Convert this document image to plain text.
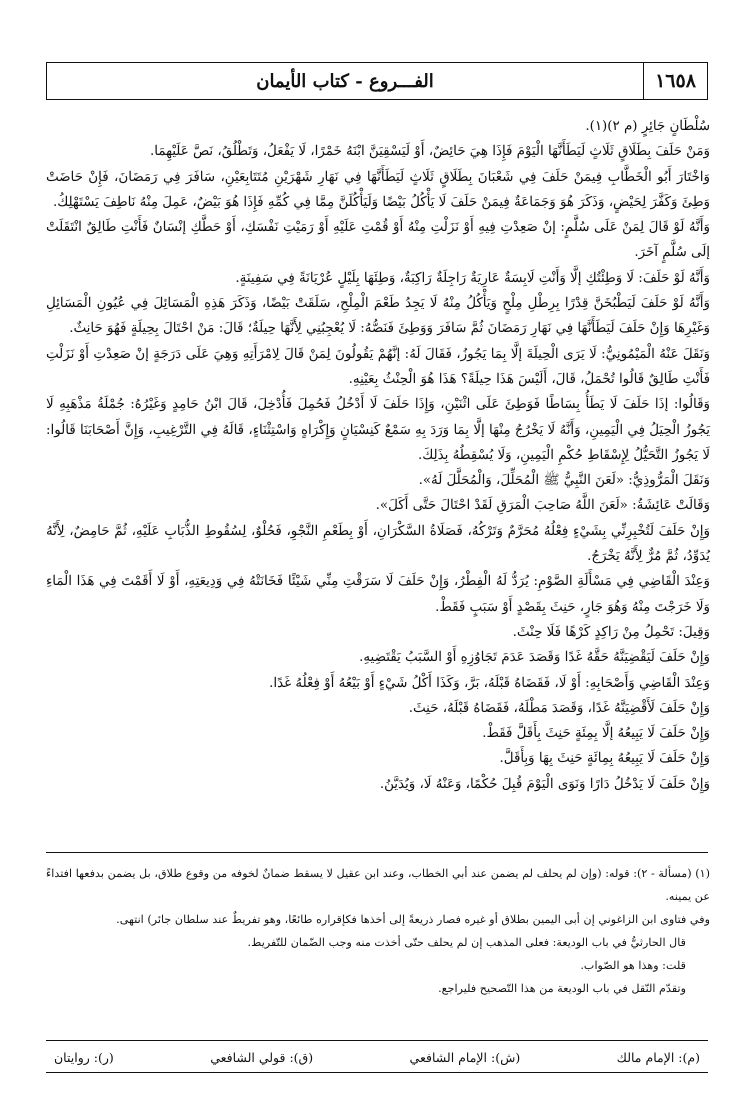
١٦٥٨
الفـــروع - كتاب الأيمان

سُلْطَانٍ جَائِرٍ (م ٢)(١).

وَمَنْ حَلَفَ بِطَلَاقٍ ثَلَاثٍ لَيَطَأَنَّهَا الْيَوْمَ فَإِذَا هِيَ حَائِضٌ، أَوْ لَيَسْقِيَنَّ ابْنَهُ خَمْرًا، لَا يَفْعَلُ، وَتَطْلُقُ، نَصَّ عَلَيْهِمَا.

وَاخْتَارَ أَبُو الْخَطَّابِ فِيمَنْ حَلَفَ فِي شَعْبَانَ بِطَلَاقٍ ثَلَاثٍ لَيَطَأَنَّهَا فِي نَهَارِ شَهْرَيْنِ مُتَتَابِعَيْنِ، سَافَرَ فِي رَمَضَانَ، فَإِنْ حَاضَتْ وَطِئَ وَكَفَّرَ لِحَيْضٍ، وَذَكَرَ هُوَ وَجَمَاعَةٌ فِيمَنْ حَلَفَ لَا يَأْكُلُ بَيْضًا وَلَيَأْكُلَنَّ مِمَّا فِي كُمِّهِ فَإِذَا هُوَ بَيْضٌ، عَمِلَ مِنْهُ نَاطِفَ يَسْتَهْلِكُ.

وَأَنَّهُ لَوْ قَالَ لِمَنْ عَلَى سُلَّمٍ: إنْ صَعِدْتِ فِيهِ أَوْ نَزَلْتِ مِنْهُ أَوْ قُمْتِ عَلَيْهِ أَوْ رَمَيْتِ نَفْسَكِ، أَوْ حَطَّكِ إنْسَانٌ فَأَنْتِ طَالِقٌ انْتَقَلَتْ إلَى سُلَّمٍ آخَرَ.

وَأَنَّهُ لَوْ حَلَفَ: لَا وَطِئْتُكِ إلَّا وَأَنْتِ لَابِسَةٌ عَارِيَةٌ رَاجِلَةٌ رَاكِبَةٌ، وَطِئَهَا بِلَيْلٍ عُرْيَانَةً فِي سَفِينَةٍ.

وَأَنَّهُ لَوْ حَلَفَ لَيَطْبُخَنَّ قِدْرًا بِرِطْلِ مِلْحٍ وَيَأْكُلُ مِنْهُ لَا يَجِدُ طَعْمَ الْمِلْحِ، سَلَقَتْ بَيْضًا، وَذَكَرَ هَذِهِ الْمَسَائِلَ فِي عُيُونِ الْمَسَائِلِ وَغَيْرِهَا وَإِنْ حَلَفَ لَيَطَأَنَّهَا فِي نَهَارِ رَمَضَانَ ثُمَّ سَافَرَ وَوَطِئَ فَنَصُّهُ: لَا يُعْجِبُنِي لِأَنَّهَا حِيلَةٌ؛ قَالَ: مَنْ احْتَالَ بِحِيلَةٍ فَهُوَ حَانِثٌ.

وَنَقَلَ عَنْهُ الْمَيْمُونِيُّ: لَا يَرَى الْحِيلَةَ إلَّا بِمَا يَجُوزُ، فَقَالَ لَهُ: إنَّهُمْ يَقُولُونَ لِمَنْ قَالَ لِامْرَأَتِهِ وَهِيَ عَلَى دَرَجَةٍ إنْ صَعِدْتِ أَوْ نَزَلْتِ فَأَنْتِ طَالِقٌ قَالُوا تُحْمَلُ، قَالَ، أَلَيْسَ هَذَا حِيلَةً؟ هَذَا هُوَ الْحِنْثُ بِعَيْنِهِ.

وَقَالُوا: إذَا حَلَفَ لَا يَطَأُ بِسَاطًا فَوَطِئَ عَلَى اثْنَيْنِ، وَإِذَا حَلَفَ لَا أَدْخُلُ فَحُمِلَ فَأُدْخِلَ، قَالَ ابْنُ حَامِدٍ وَغَيْرُهُ: جُمْلَةُ مَذْهَبِهِ لَا يَجُوزُ الْحِيَلُ فِي الْيَمِينِ، وَأَنَّهُ لَا يَخْرُجُ مِنْهَا إلَّا بِمَا وَرَدَ بِهِ سَمْعٌ كَنِسْيَانٍ وَإِكْرَاهٍ وَاسْتِثْنَاءٍ، قَالَهُ فِي التَّرْغِيبِ، وَإِنَّ أَصْحَابَنَا قَالُوا: لَا يَجُوزُ التَّحَيُّلُ لِإِسْقَاطِ حُكْمِ الْيَمِينِ، وَلَا يُسْقِطُهُ بِذَلِكَ.

وَنَقَلَ الْمَرُّوذِيُّ: «لَعَنَ النَّبِيُّ ﷺ الْمُحَلِّلَ، وَالْمُحَلَّلَ لَهُ».

وَقَالَتْ عَائِشَةُ: «لَعَنَ اللَّهُ صَاحِبَ الْمَرَقِ لَقَدْ احْتَالَ حَتَّى أَكَلَ».

وَإِنْ حَلَفَ لَتُخْبِرِنِّي بِشَيْءٍ فِعْلُهُ مُحَرَّمٌ وَتَرْكُهُ، فَصَلَاةُ السَّكْرَانِ، أَوْ بِطَعْمِ النَّجْوِ، فَحُلْوٌ، لِسُقُوطِ الذُّبَابِ عَلَيْهِ، ثُمَّ حَامِضٌ، لِأَنَّهُ يُدَوِّدُ، ثُمَّ مُرٌّ لِأَنَّهُ يَخْرَجُ.

وَعِنْدَ الْقَاضِي فِي مَسْأَلَةِ الصَّوْمِ: يُرَدُّ لَهُ الْفِطْرُ، وَإِنْ حَلَفَ لَا سَرَقْتِ مِنِّي شَيْئًا فَخَانَتْهُ فِي وَدِيعَتِهِ، أَوْ لَا أَقَمْتَ فِي هَذَا الْمَاءِ وَلَا خَرَجْتَ مِنْهُ وَهُوَ جَارٍ، حَنِثَ بِقَصْدٍ أَوْ سَبَبٍ فَقَطْ.

وَقِيلَ: تَحْمِلُ مِنْ رَاكِدٍ كَرْهًا فَلَا حِنْثَ.

وَإِنْ حَلَفَ لَيَقْضِيَنَّهُ حَقَّهُ غَدًا وَقَصَدَ عَدَمَ تَجَاوُزِهِ أَوْ السَّبَبُ يَقْتَضِيهِ.

وَعِنْدَ الْقَاضِي وَأَصْحَابِهِ: أَوْ لَا، فَقَضَاهُ قَبْلَهُ، بَرَّ، وَكَذَا أَكْلُ شَيْءٍ أَوْ بَيْعُهُ أَوْ فِعْلُهُ غَدًا.

وَإِنْ حَلَفَ لَأَقْضِيَنَّهُ غَدًا، وَقَصَدَ مَطْلَهُ، فَقَضَاهُ قَبْلَهُ، حَنِثَ.

وَإِنْ حَلَفَ لَا يَبِيعُهُ إلَّا بِمِئَةٍ حَنِثَ بِأَقَلَّ فَقَطْ.

وَإِنْ حَلَفَ لَا يَبِيعُهُ بِمِائَةٍ حَنِثَ بِهَا وَبِأَقَلَّ.

وَإِنْ حَلَفَ لَا يَدْخُلُ دَارًا وَنَوَى الْيَوْمَ قُبِلَ حُكْمًا، وَعَنْهُ لَا، وَيُدَيَّنُ.

(١) (مسألة - ٢): قوله: (وإن لم يحلف لم يضمن عند أبي الخطاب، وعند ابن عقيل لا يسقط ضمانٌ لخوفه من وقوع طلاق، بل يضمن بدفعها افتداءً عن يمينه.

وفي فتاوى ابن الزاغوني إن أبى اليمين بطلاق أو غيره فصار ذريعةً إلى أخذها فكإقراره طائعًا، وهو تفريطٌ عند سلطان جائر) انتهى.

قال الحارثيُّ في باب الوديعة: فعلى المذهب إن لم يحلف حتّى أخذت منه وجب الضّمان للتّفريط.

قلت: وهذا هو الصّواب.

وتقدّم النّقل في باب الوديعة من هذا التّصحيح فليراجع.

(م): الإمام مالك
(ش): الإمام الشافعي
(ق): قولي الشافعي
(ر): روايتان
